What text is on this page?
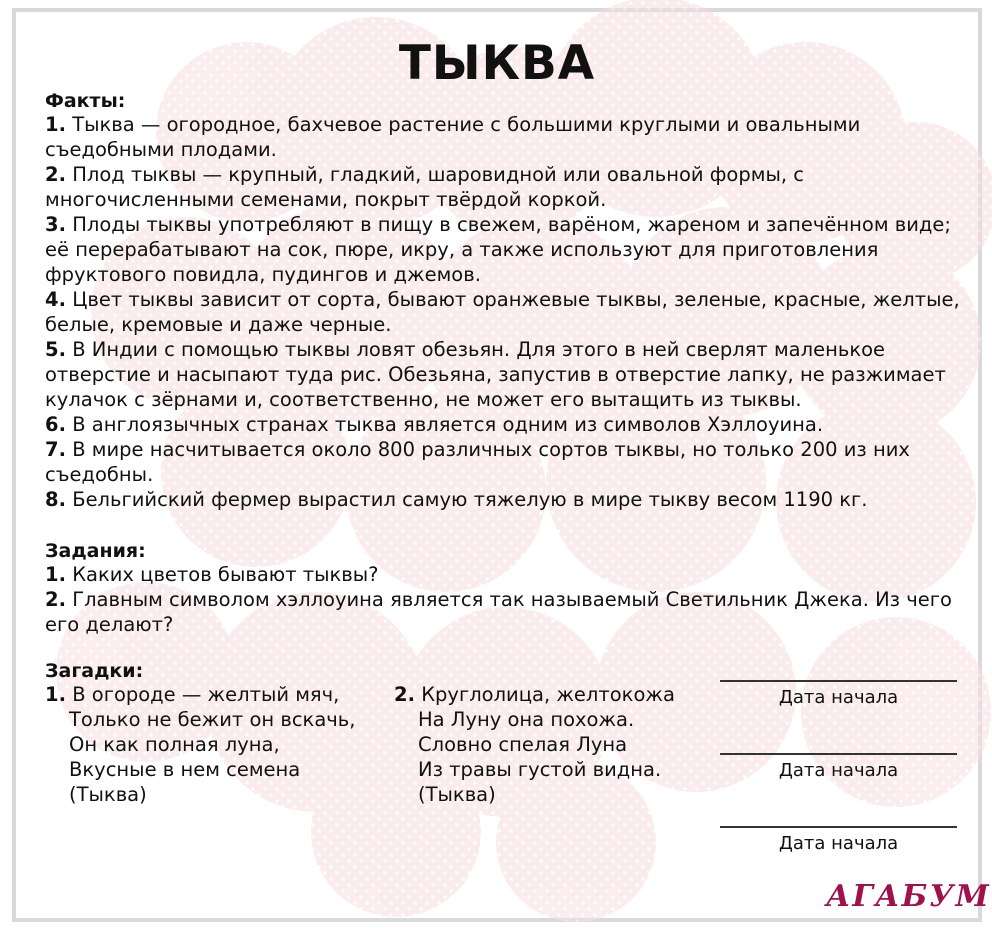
ТЫКВА
Факты:

1. Тыква — огородное, бахчевое растение с большими круглыми и овальными съедобными плодами.

2. Плод тыквы — крупный, гладкий, шаровидной или овальной формы, с многочисленными семенами, покрыт твёрдой коркой.

3. Плоды тыквы употребляют в пищу в свежем, варёном, жареном и запечённом виде; её перерабатывают на сок, пюре, икру, а также используют для приготовления фруктового повидла, пудингов и джемов.

4. Цвет тыквы зависит от сорта, бывают оранжевые тыквы, зеленые, красные, желтые, белые, кремовые и даже черные.

5. В Индии с помощью тыквы ловят обезьян. Для этого в ней сверлят маленькое отверстие и насыпают туда рис. Обезьяна, запустив в отверстие лапку, не разжимает кулачок с зёрнами и, соответственно, не может его вытащить из тыквы.

6. В англоязычных странах тыква является одним из символов Хэллоуина.

7. В мире насчитывается около 800 различных сортов тыквы, но только 200 из них съедобны.

8. Бельгийский фермер вырастил самую тяжелую в мире тыкву весом 1190 кг.

Задания:

1. Каких цветов бывают тыквы?

2. Главным символом хэллоуина является так называемый Светильник Джека. Из чего его делают?

Загадки:
1. В огороде — желтый мяч,
Только не бежит он вскачь,
Он как полная луна,
Вкусные в нем семена
(Тыква)
2. Круглолица, желтокожа
На Луну она похожа.
Словно спелая Луна
Из травы густой видна.
(Тыква)
Дата начала
Дата начала
Дата начала
АГАБУМ
